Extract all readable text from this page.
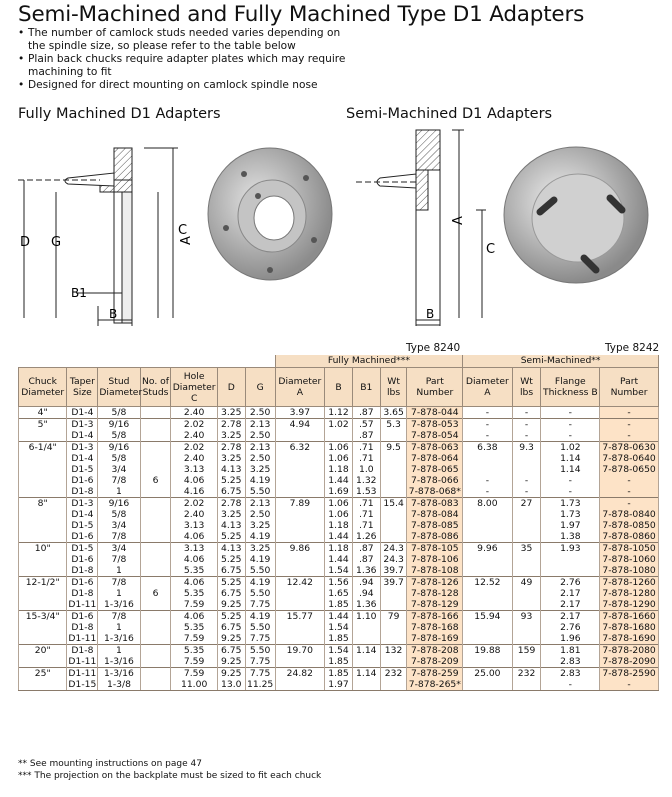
Semi-Machined and Fully Machined Type D1 Adapters
• The number of camlock studs needed varies depending on the spindle size, so please refer to the table below
• Plain back chucks require adapter plates which may require machining to fit
• Designed for direct mounting on camlock spindle nose
Fully Machined D1 Adapters	Semi-Machined D1 Adapters
D G
C
B1
B
A
B
C
A
Type 8240	Type 8242
							Fully Machined***					Semi-Machined**			
Chuck Diameter	Taper Size	Stud Diameter	No. of Studs	Hole Diameter C	D	G	Diameter A	B	B1	Wt lbs	Part Number	Diameter A	Wt lbs	Flange Thickness B	Part Number
4"	D1-4	5/8		2.40	3.25	2.50	3.97	1.12	.87	3.65	7-878-044	-	-	-	-
5"	D1-3	9/16		2.02	2.78	2.13	4.94	1.02	.57	5.3	7-878-053	-	-	-	-
	D1-4	5/8		2.40	3.25	2.50			.87		7-878-054	-	-	-	-
6-1/4"	D1-3	9/16		2.02	2.78	2.13	6.32	1.06	.71	9.5	7-878-063	6.38	9.3	1.02	7-878-0630
	D1-4	5/8		2.40	3.25	2.50		1.06	.71		7-878-064			1.14	7-878-0640
	D1-5	3/4		3.13	4.13	3.25		1.18	1.0		7-878-065			1.14	7-878-0650
	D1-6	7/8	6	4.06	5.25	4.19		1.44	1.32		7-878-066	-	-	-	-
	D1-8	1		4.16	6.75	5.50		1.69	1.53		7-878-068*	-	-	-	-
8"	D1-3	9/16		2.02	2.78	2.13	7.89	1.06	.71	15.4	7-878-083	8.00	27	1.73	-
	D1-4	5/8		2.40	3.25	2.50		1.06	.71		7-878-084			1.73	7-878-0840
	D1-5	3/4		3.13	4.13	3.25		1.18	.71		7-878-085			1.97	7-878-0850
	D1-6	7/8		4.06	5.25	4.19		1.44	1.26		7-878-086			1.38	7-878-0860
10"	D1-5	3/4		3.13	4.13	3.25	9.86	1.18	.87	24.3	7-878-105	9.96	35	1.93	7-878-1050
	D1-6	7/8		4.06	5.25	4.19		1.44	.87	24.3	7-878-106				7-878-1060
	D1-8	1		5.35	6.75	5.50		1.54	1.36	39.7	7-878-108				7-878-1080
12-1/2"	D1-6	7/8		4.06	5.25	4.19	12.42	1.56	.94	39.7	7-878-126	12.52	49	2.76	7-878-1260
	D1-8	1	6	5.35	6.75	5.50		1.65	.94		7-878-128			2.17	7-878-1280
	D1-11	1-3/16		7.59	9.25	7.75		1.85	1.36		7-878-129			2.17	7-878-1290
15-3/4"	D1-6	7/8		4.06	5.25	4.19	15.77	1.44	1.10	79	7-878-166	15.94	93	2.17	7-878-1660
	D1-8	1		5.35	6.75	5.50		1.54			7-878-168			2.76	7-878-1680
	D1-11	1-3/16		7.59	9.25	7.75		1.85			7-878-169			1.96	7-878-1690
20"	D1-8	1		5.35	6.75	5.50	19.70	1.54	1.14	132	7-878-208	19.88	159	1.81	7-878-2080
	D1-11	1-3/16		7.59	9.25	7.75		1.85			7-878-209			2.83	7-878-2090
25"	D1-11	1-3/16		7.59	9.25	7.75	24.82	1.85	1.14	232	7-878-259	25.00	232	2.83	7-878-2590
	D1-15	1-3/8		11.00	13.0	11.25		1.97			7-878-265*			-	-
** See mounting instructions on page 47
*** The projection on the backplate must be sized to fit each chuck
